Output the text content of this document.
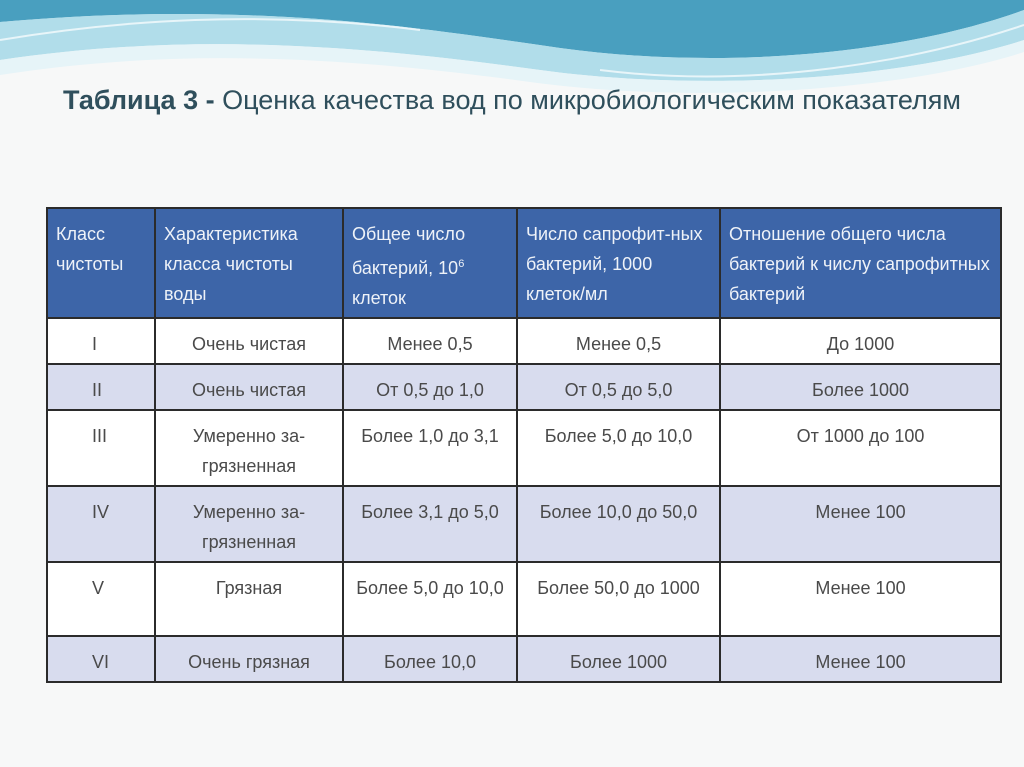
Таблица 3 - Оценка качества вод по микробиологическим показателям
Класс чистоты	Характеристика класса чистоты воды	Общее число бактерий, $10^6$ клеток	Число сапрофит-ных бактерий, 1000 клеток/мл	Отношение общего числа бактерий к числу сапрофитных бактерий
I	Очень чистая	Менее 0,5	Менее 0,5	До 1000
II	Очень чистая	От 0,5 до 1,0	От 0,5 до 5,0	Более 1000
III	Умеренно за-грязненная	Более 1,0 до 3,1	Более 5,0 до 10,0	От 1000 до 100
IV	Умеренно за-грязненная	Более 3,1 до 5,0	Более 10,0 до 50,0	Менее 100
V	Грязная	Более 5,0 до 10,0	Более 50,0 до 1000	Менее 100
VI	Очень грязная	Более 10,0	Более 1000	Менее 100
